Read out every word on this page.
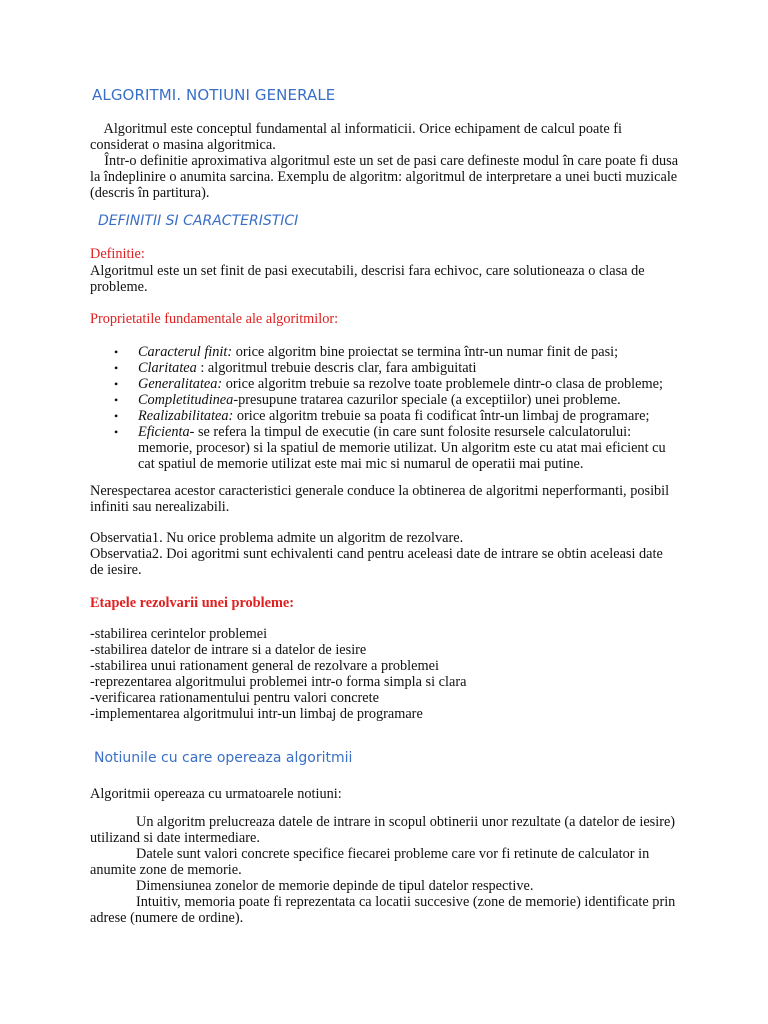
ALGORITMI. NOTIUNI GENERALE
Algoritmul este conceptul fundamental al informaticii. Orice echipament de calcul poate fi
considerat o masina algoritmica.
Într-o definitie aproximativa algoritmul este un set de pasi care defineste modul în care poate fi dusa
la îndeplinire o anumita sarcina. Exemplu de algoritm: algoritmul de interpretare a unei bucti muzicale
(descris în partitura).
DEFINITII SI CARACTERISTICI
Definitie:
Algoritmul este un set finit de pasi executabili, descrisi fara echivoc, care solutioneaza o clasa de
probleme.
Proprietatile fundamentale ale algoritmilor:
• Caracterul finit: orice algoritm bine proiectat se termina într-un numar finit de pasi;
• Claritatea : algoritmul trebuie descris clar, fara ambiguitati
• Generalitatea: orice algoritm trebuie sa rezolve toate problemele dintr-o clasa de probleme;
• Completitudinea-presupune tratarea cazurilor speciale (a exceptiilor) unei probleme.
• Realizabilitatea: orice algoritm trebuie sa poata fi codificat într-un limbaj de programare;
• Eficienta- se refera la timpul de executie (in care sunt folosite resursele calculatorului:
memorie, procesor) si la spatiul de memorie utilizat. Un algoritm este cu atat mai eficient cu
cat spatiul de memorie utilizat este mai mic si numarul de operatii mai putine.
Nerespectarea acestor caracteristici generale conduce la obtinerea de algoritmi neperformanti, posibil
infiniti sau nerealizabili.
Observatia1. Nu orice problema admite un algoritm de rezolvare.
Observatia2. Doi agoritmi sunt echivalenti cand pentru aceleasi date de intrare se obtin aceleasi date
de iesire.
Etapele rezolvarii unei probleme:
-stabilirea cerintelor problemei
-stabilirea datelor de intrare si a datelor de iesire
-stabilirea unui rationament general de rezolvare a problemei
-reprezentarea algoritmului problemei intr-o forma simpla si clara
-verificarea rationamentului pentru valori concrete
-implementarea algoritmului intr-un limbaj de programare
Notiunile cu care opereaza algoritmii
Algoritmii opereaza cu urmatoarele notiuni:
Un algoritm prelucreaza datele de intrare in scopul obtinerii unor rezultate (a datelor de iesire)
utilizand si date intermediare.
Datele sunt valori concrete specifice fiecarei probleme care vor fi retinute de calculator in
anumite zone de memorie.
Dimensiunea zonelor de memorie depinde de tipul datelor respective.
Intuitiv, memoria poate fi reprezentata ca locatii succesive (zone de memorie) identificate prin
adrese (numere de ordine).
